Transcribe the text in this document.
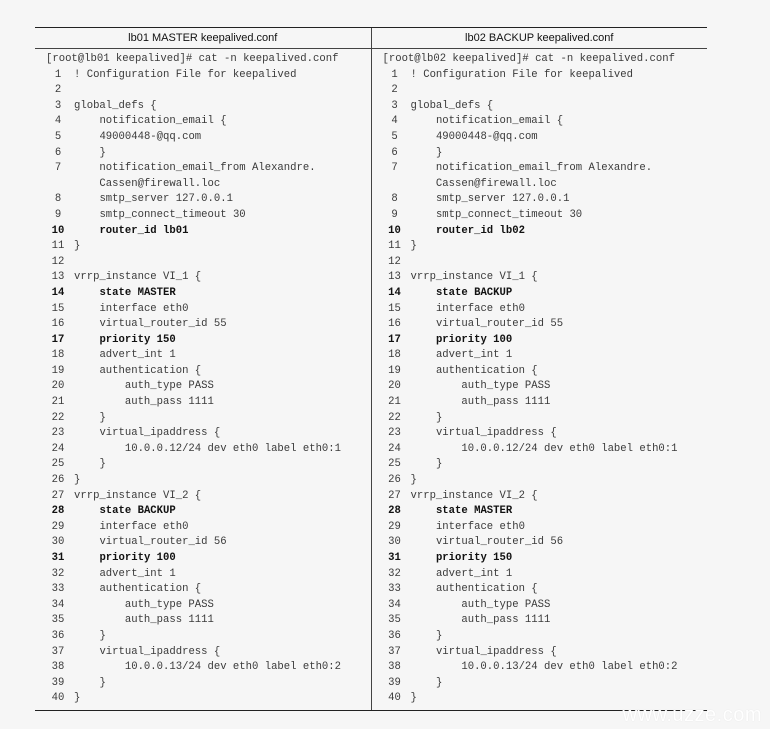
lb01 MASTER keepalived.conf	lb02 BACKUP keepalived.conf
[root@lb01 keepalived]# cat -n keepalived.conf
1	! Configuration File for keepalived
2
3	global_defs {
4	notification_email {
5	49000448-@qq.com
6	}
7	notification_email_from Alexandre.
Cassen@firewall.loc
8	smtp_server 127.0.0.1
9	smtp_connect_timeout 30
10 router_id lb01
11 }
12
13 vrrp_instance VI_1 {
14 state MASTER
15 interface eth0
16 virtual_router_id 55
17 priority 150
18 advert_int 1
19 authentication {
20 auth_type PASS
21 auth_pass 1111
22 }
23 virtual_ipaddress {
24 10.0.0.12/24 dev eth0 label eth0:1
25 }
26 }
27 vrrp_instance VI_2 {
28 state BACKUP
29 interface eth0
30 virtual_router_id 56
31 priority 100
32 advert_int 1
33 authentication {
34 auth_type PASS
35 auth_pass 1111
36 }
37 virtual_ipaddress {
38 10.0.0.13/24 dev eth0 label eth0:2
39 }
40 }
[root@lb02 keepalived]# cat -n keepalived.conf
1	! Configuration File for keepalived
2
3	global_defs {
4	notification_email {
5	49000448-@qq.com
6	}
7	notification_email_from Alexandre.
Cassen@firewall.loc
8	smtp_server 127.0.0.1
9	smtp_connect_timeout 30
10 router_id lb02
11 }
12
13 vrrp_instance VI_1 {
14 state BACKUP
15 interface eth0
16 virtual_router_id 55
17 priority 100
18 advert_int 1
19 authentication {
20 auth_type PASS
21 auth_pass 1111
22 }
23 virtual_ipaddress {
24 10.0.0.12/24 dev eth0 label eth0:1
25 }
26 }
27 vrrp_instance VI_2 {
28 state MASTER
29 interface eth0
30 virtual_router_id 56
31 priority 150
32 advert_int 1
33 authentication {
34 auth_type PASS
35 auth_pass 1111
36 }
37 virtual_ipaddress {
38 10.0.0.13/24 dev eth0 label eth0:2
39 }
40 }
www.uzze.com
